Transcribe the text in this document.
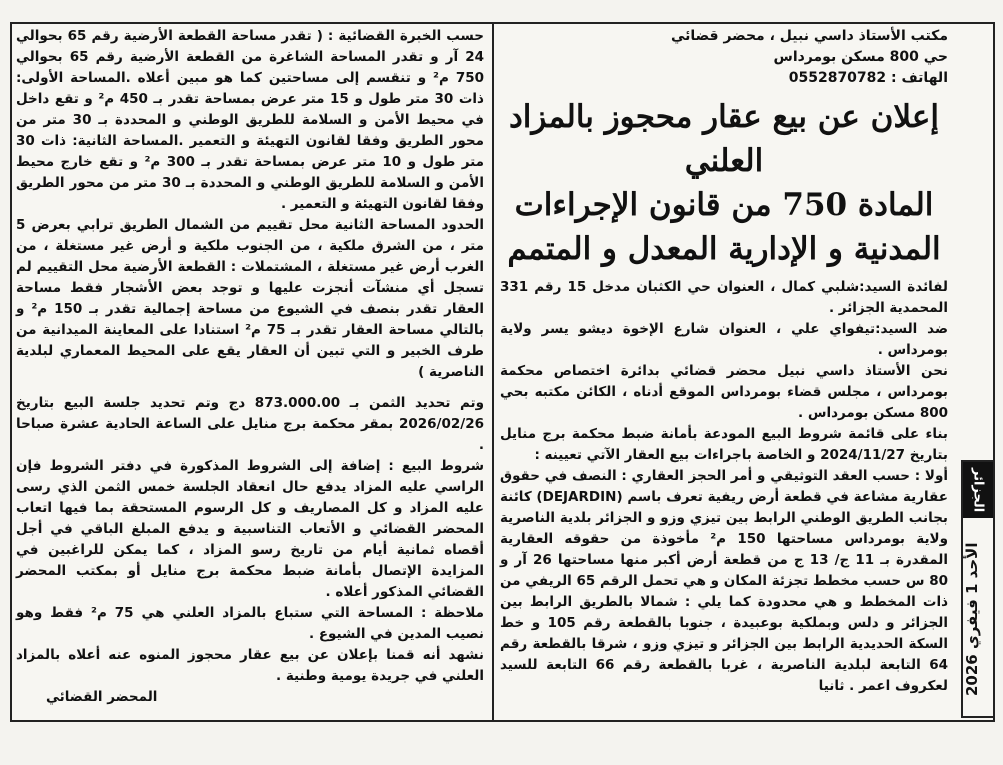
مكتب الأستاذ داسي نبيل ، محضر قضائي

حي 800 مسكن بومرداس

الهاتف : 0552870782

إعلان عن بيع عقار محجوز بالمزاد
العلني
المادة 750 من قانون الإجراءات
المدنية و الإدارية المعدل و المتمم

لفائدة السيد:شلبي كمال ، العنوان حي الكثبان مدخل 15 رقم 331 المحمدية الجزائر .

ضد السيد:تيفواي علي ، العنوان شارع الإخوة ديشو يسر ولاية بومرداس .

نحن الأستاذ داسي نبيل محضر قضائي بدائرة اختصاص محكمة بومرداس ، مجلس قضاء بومرداس الموقع أدناه ، الكائن مكتبه بحي 800 مسكن بومرداس .

بناء على قائمة شروط البيع المودعة بأمانة ضبط محكمة برج منايل بتاريخ 2024/11/27 و الخاصة باجراءات بيع العقار الآتي تعيينه :

أولا : حسب العقد التوثيقي و أمر الحجز العقاري : النصف في حقوق عقارية مشاعة في قطعة أرض ريفية تعرف باسم (DEJARDIN) كائنة بجانب الطريق الوطني الرابط بين تيزي وزو و الجزائر بلدية الناصرية ولاية بومرداس مساحتها 150 م² مأخوذة من حقوقه العقارية المقدرة بـ 11 ج/ 13 ج من قطعة أرض أكبر منها مساحتها 26 آر و 80 س حسب مخطط تجزئة المكان و هي تحمل الرقم 65 الريفي من ذات المخطط و هي محدودة كما يلي : شمالا بالطريق الرابط بين الجزائر و دلس وبملكية بوعبيدة ، جنوبا بالقطعة رقم 105 و خط السكة الحديدية الرابط بين الجزائر و تيزي وزو ، شرقا بالقطعة رقم 64 التابعة لبلدية الناصرية ، غربا بالقطعة رقم 66 التابعة للسيد لعكروف اعمر . ثانيا

حسب الخبرة القضائية : ( تقدر مساحة القطعة الأرضية رقم 65 بحوالي 24 آر و تقدر المساحة الشاغرة من القطعة الأرضية رقم 65 بحوالي 750 م² و تنقسم إلى مساحتين كما هو مبين أعلاه .المساحة الأولى: ذات 30 متر طول و 15 متر عرض بمساحة تقدر بـ 450 م² و تقع داخل في محيط الأمن و السلامة للطريق الوطني و المحددة بـ 30 متر من محور الطريق وفقا لقانون التهيئة و التعمير .المساحة الثانية: ذات 30 متر طول و 10 متر عرض بمساحة تقدر بـ 300 م² و تقع خارج محيط الأمن و السلامة للطريق الوطني و المحددة بـ 30 متر من محور الطريق وفقا لقانون التهيئة و التعمير .

الحدود المساحة الثانية محل تقييم من الشمال الطريق ترابي بعرض 5 متر ، من الشرق ملكية ، من الجنوب ملكية و أرض غير مستغلة ، من الغرب أرض غير مستغلة ، المشتملات : القطعة الأرضية محل التقييم لم تسجل أي منشآت أنجزت عليها و توجد بعض الأشجار فقط مساحة العقار تقدر بنصف في الشيوع من مساحة إجمالية تقدر بـ 150 م² و بالتالي مساحة العقار تقدر بـ 75 م² استنادا على المعاينة الميدانية من طرف الخبير و التي تبين أن العقار يقع على المحيط المعماري لبلدية الناصرية )

وتم تحديد الثمن بـ 873.000.00 دج وتم تحديد جلسة البيع بتاريخ 2026/02/26 بمقر محكمة برج منايل على الساعة الحادية عشرة صباحا .

شروط البيع : إضافة إلى الشروط المذكورة في دفتر الشروط فإن الراسي عليه المزاد يدفع حال انعقاد الجلسة خمس الثمن الذي رسى عليه المزاد و كل المصاريف و كل الرسوم المستحقة بما فيها اتعاب المحضر القضائي و الأتعاب التناسبية و يدفع المبلغ الباقي في أجل أقصاه ثمانية أيام من تاريخ رسو المزاد ، كما يمكن للراغبين في المزايدة الإتصال بأمانة ضبط محكمة برج منايل أو بمكتب المحضر القضائي المذكور أعلاه .

ملاحظة : المساحة التي ستباع بالمزاد العلني هي 75 م² فقط وهو نصيب المدين في الشيوع .

نشهد أنه قمنا بإعلان عن بيع عقار محجوز المنوه عنه أعلاه بالمزاد العلني في جريدة يومية وطنية .

المحضر القضائي

الجزائر
الأحد 1 فيفري 2026
